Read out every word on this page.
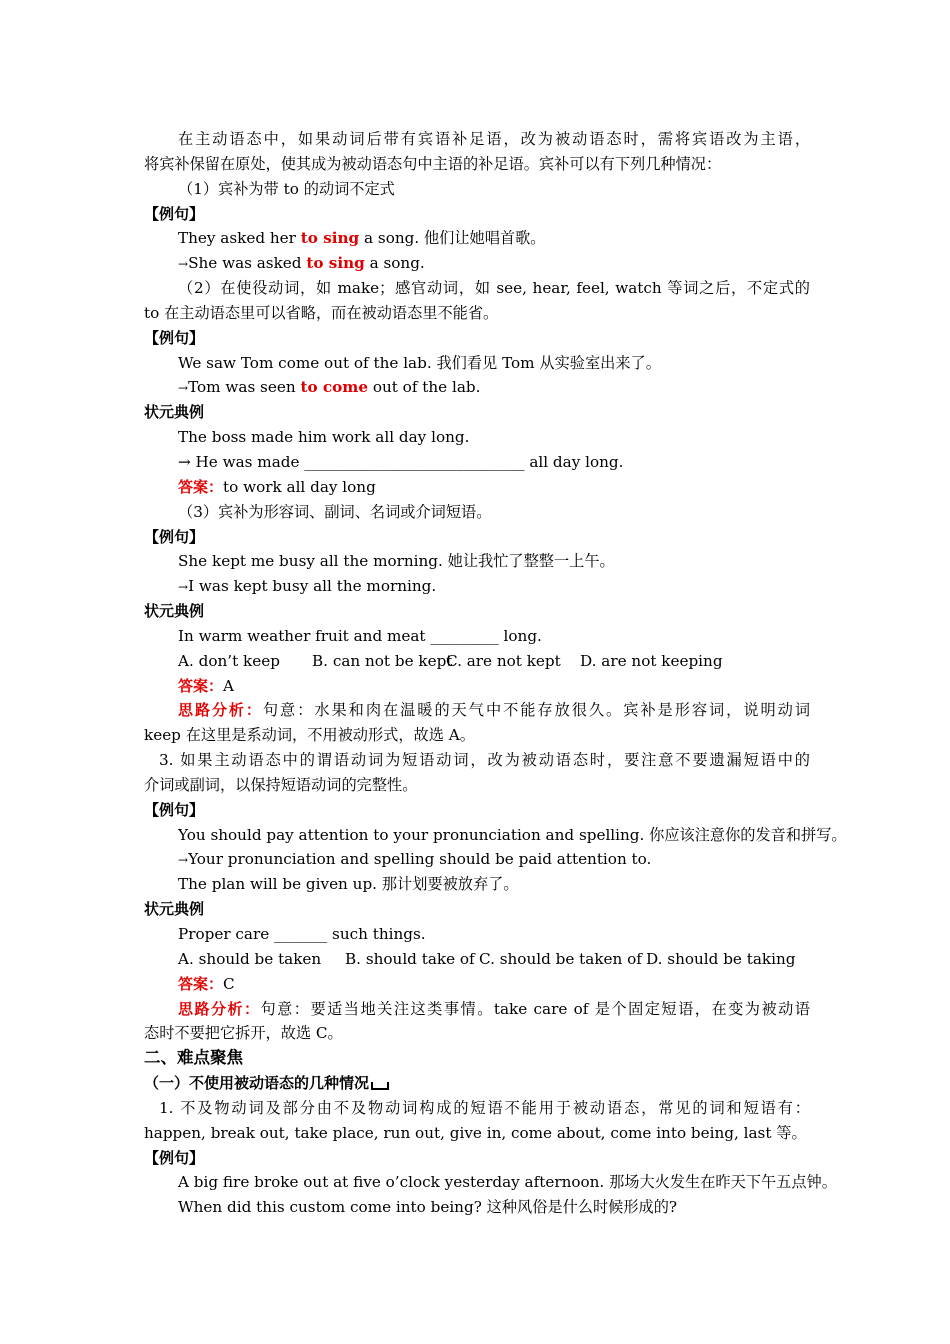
在主动语态中，如果动词后带有宾语补足语，改为被动语态时，需将宾语改为主语，
将宾补保留在原处，使其成为被动语态句中主语的补足语。宾补可以有下列几种情况：
（1）宾补为带 to 的动词不定式
【例句】
They asked her to sing a song. 他们让她唱首歌。
→She was asked to sing a song.
（2）在使役动词，如 make；感官动词，如 see, hear, feel, watch 等词之后，不定式的
to 在主动语态里可以省略，而在被动语态里不能省。
【例句】
We saw Tom come out of the lab. 我们看见 Tom 从实验室出来了。
→Tom was seen to come out of the lab.
状元典例
The boss made him work all day long.
→ He was made _____________________________ all day long.
答案：to work all day long
（3）宾补为形容词、副词、名词或介词短语。
【例句】
She kept me busy all the morning. 她让我忙了整整一上午。
→I was kept busy all the morning.
状元典例
In warm weather fruit and meat _________ long.
A. don’t keep B. can not be keptC. are not kept D. are not keeping
答案：A
思路分析：句意：水果和肉在温暖的天气中不能存放很久。宾补是形容词，说明动词
keep 在这里是系动词，不用被动形式，故选 A。
3. 如果主动语态中的谓语动词为短语动词，改为被动语态时，要注意不要遗漏短语中的
介词或副词，以保持短语动词的完整性。
【例句】
You should pay attention to your pronunciation and spelling. 你应该注意你的发音和拼写。
→Your pronunciation and spelling should be paid attention to.
The plan will be given up. 那计划要被放弃了。
状元典例
Proper care _______ such things.
A. should be taken B. should take of C. should be taken of D. should be taking
答案：C
思路分析：句意：要适当地关注这类事情。take care of 是个固定短语，在变为被动语
态时不要把它拆开，故选 C。
二、难点聚焦
（一）不使用被动语态的几种情况
1. 不及物动词及部分由不及物动词构成的短语不能用于被动语态，常见的词和短语有：
happen, break out, take place, run out, give in, come about, come into being, last 等。
【例句】
A big fire broke out at five o’clock yesterday afternoon. 那场大火发生在昨天下午五点钟。
When did this custom come into being? 这种风俗是什么时候形成的?
